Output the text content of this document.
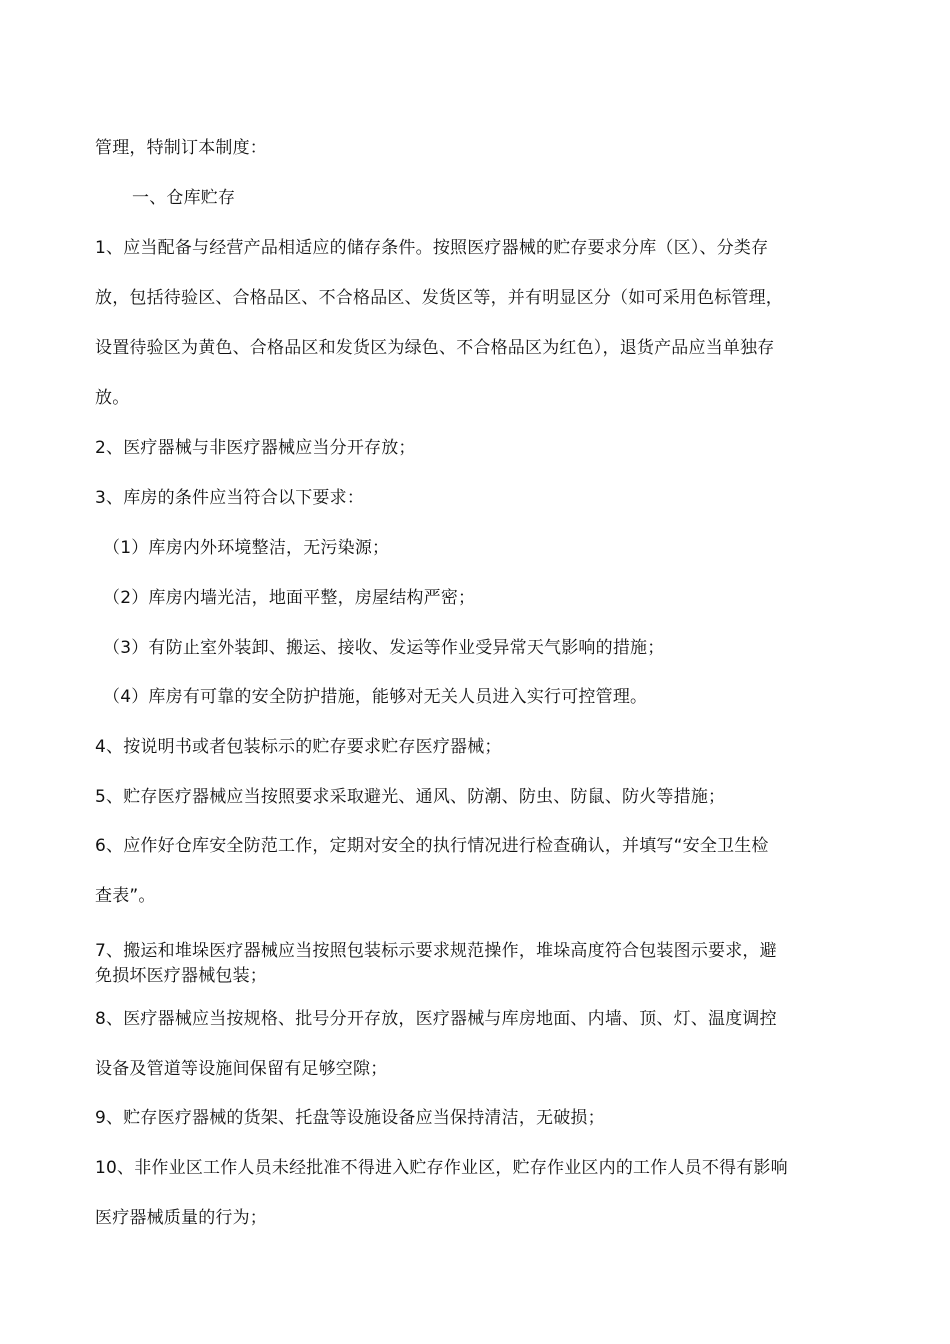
管理，特制订本制度：
一、仓库贮存
1、应当配备与经营产品相适应的储存条件。按照医疗器械的贮存要求分库（区）、分类存
放，包括待验区、合格品区、不合格品区、发货区等，并有明显区分（如可采用色标管理，
设置待验区为黄色、合格品区和发货区为绿色、不合格品区为红色），退货产品应当单独存
放。
2、医疗器械与非医疗器械应当分开存放；
3、库房的条件应当符合以下要求：
（1）库房内外环境整洁，无污染源；
（2）库房内墙光洁，地面平整，房屋结构严密；
（3）有防止室外装卸、搬运、接收、发运等作业受异常天气影响的措施；
（4）库房有可靠的安全防护措施，能够对无关人员进入实行可控管理。
4、按说明书或者包装标示的贮存要求贮存医疗器械；
5、贮存医疗器械应当按照要求采取避光、通风、防潮、防虫、防鼠、防火等措施；
6、应作好仓库安全防范工作，定期对安全的执行情况进行检查确认，并填写“安全卫生检
查表”。
7、搬运和堆垛医疗器械应当按照包装标示要求规范操作，堆垛高度符合包装图示要求，避
免损坏医疗器械包装；
8、医疗器械应当按规格、批号分开存放，医疗器械与库房地面、内墙、顶、灯、温度调控
设备及管道等设施间保留有足够空隙；
9、贮存医疗器械的货架、托盘等设施设备应当保持清洁，无破损；
10、非作业区工作人员未经批准不得进入贮存作业区，贮存作业区内的工作人员不得有影响
医疗器械质量的行为；
